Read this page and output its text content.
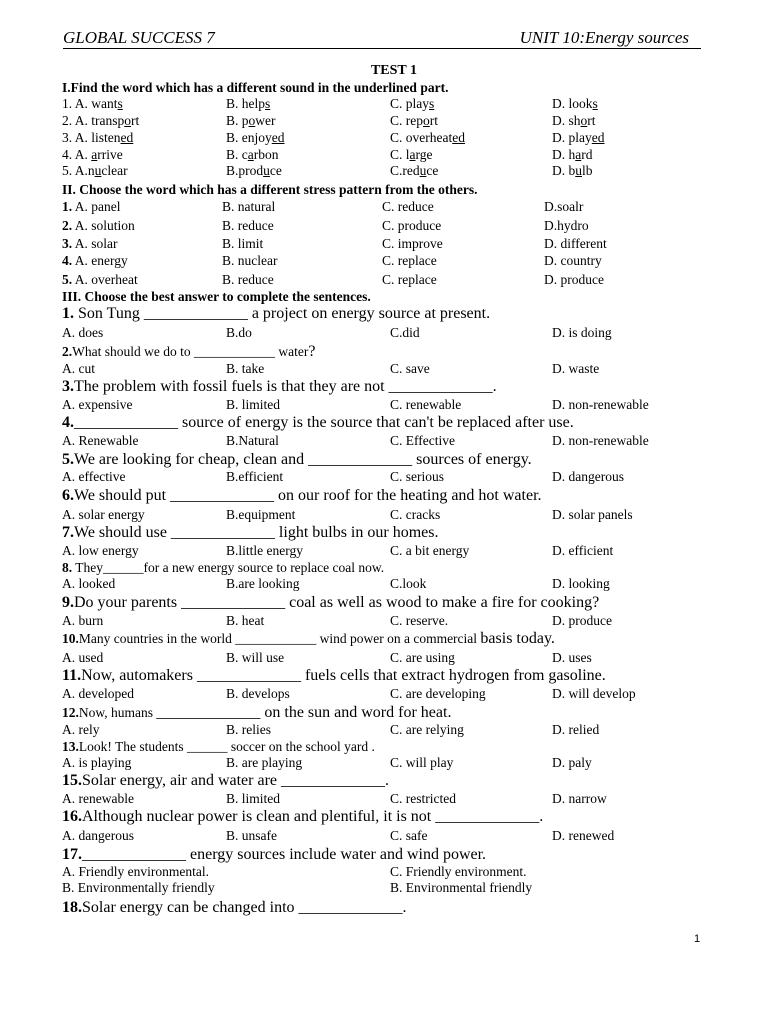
GLOBAL SUCCESS 7	UNIT 10:Energy sources
TEST 1
I.Find the word which has a different sound in the underlined part.
1. A. wants	B. helps	C. plays	D. looks
2. A. transport	B. power	C. report	D. short
3. A. listened	B. enjoyed	C. overheated	D. played
4. A. arrive	B. carbon	C. large	D. hard
5. A.nuclear	B.produce	C.reduce	D. bulb
II. Choose the word which has a different stress pattern from the others.
1. A. panel	B. natural	C. reduce	D.soalr
2. A. solution	B. reduce	C. produce	D.hydro
3. A. solar	B. limit	C. improve	D. different
4. A. energy	B. nuclear	C. replace	D. country
5. A. overheat	B. reduce	C. replace	D. produce
III. Choose the best answer to complete the sentences.
1. Son Tung _____________ a project on energy source at present.
A. does	B.do	C.did	D. is doing
2.What should we do to ____________ water?
A. cut	B. take	C. save	D. waste
3.The problem with fossil fuels is that they are not _____________.
A. expensive	B. limited	C. renewable	D. non-renewable
4._____________ source of energy is the source that can't be replaced after use.
A. Renewable	B.Natural	C. Effective	D. non-renewable
5.We are looking for cheap, clean and _____________ sources of energy.
A. effective	B.efficient	C. serious	D. dangerous
6.We should put _____________ on our roof for the heating and hot water.
A. solar energy	B.equipment	C. cracks	D. solar panels
7.We should use _____________ light bulbs in our homes.
A. low energy	B.little energy	C. a bit energy	D. efficient
8. They______for a new energy source to replace coal now.
A. looked	B.are looking	C.look	D. looking
9.Do your parents _____________ coal as well as wood to make a fire for cooking?
A. burn	B. heat	C. reserve.	D. produce
10.Many countries in the world ____________ wind power on a commercial basis today.
A. used	B. will use	C. are using	D. uses
11.Now, automakers _____________ fuels cells that extract hydrogen from gasoline.
A. developed	B. develops	C. are developing	D. will develop
12.Now, humans _____________ on the sun and word for heat.
A. rely	B. relies	C. are relying	D. relied
13.Look! The students ______ soccer on the school yard .
A. is playing	B. are playing	C. will play	D. paly
15.Solar energy, air and water are _____________.
A. renewable	B. limited	C. restricted	D. narrow
16.Although nuclear power is clean and plentiful, it is not _____________.
A. dangerous	B. unsafe	C. safe	D. renewed
17._____________ energy sources include water and wind power.
A. Friendly environmental.	C. Friendly environment.
B. Environmentally friendly	B. Environmental friendly
18.Solar energy can be changed into _____________.
1
